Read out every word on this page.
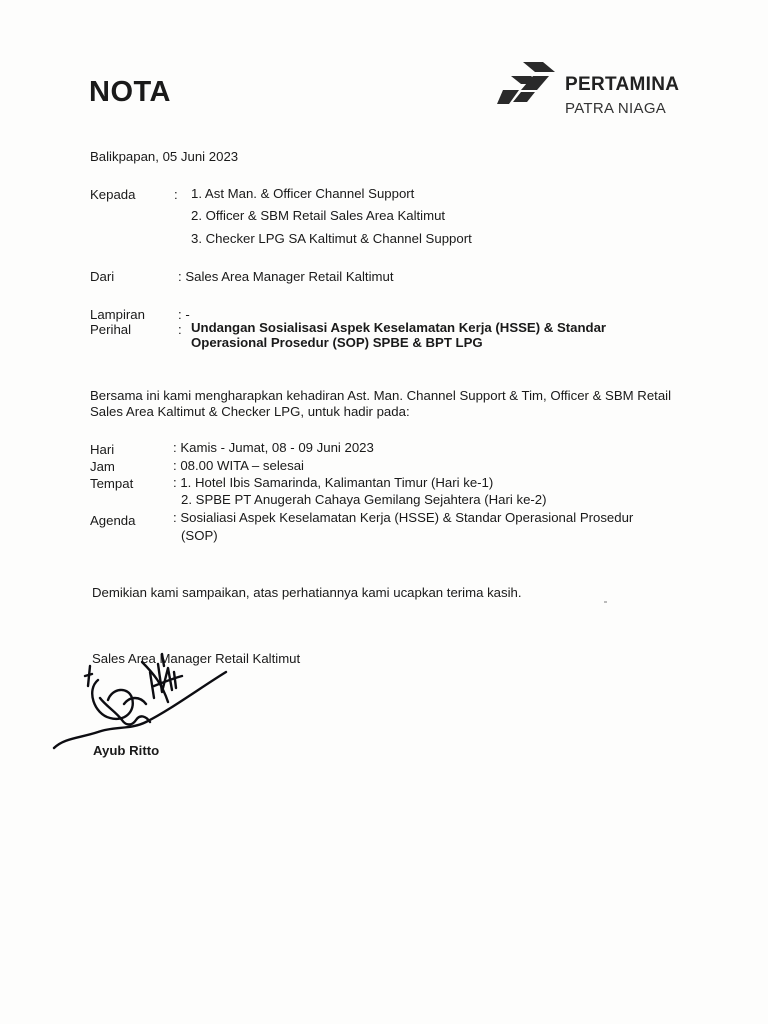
NOTA	PERTAMINA
PATRA NIAGA
Balikpapan, 05 Juni 2023
Kepada	: 1. Ast Man. & Officer Channel Support
2. Officer & SBM Retail Sales Area Kaltimut
3. Checker LPG SA Kaltimut & Channel Support
Dari	: Sales Area Manager Retail Kaltimut
Lampiran	: -
Perihal	: Undangan Sosialisasi Aspek Keselamatan Kerja (HSSE) & Standar
Operasional Prosedur (SOP) SPBE & BPT LPG
Bersama ini kami mengharapkan kehadiran Ast. Man. Channel Support & Tim, Officer & SBM Retail
Sales Area Kaltimut & Checker LPG, untuk hadir pada:
Hari	: Kamis - Jumat, 08 - 09 Juni 2023
Jam	: 08.00 WITA – selesai
Tempat	: 1. Hotel Ibis Samarinda, Kalimantan Timur (Hari ke-1)
2. SPBE PT Anugerah Cahaya Gemilang Sejahtera (Hari ke-2)
Agenda	: Sosialiasi Aspek Keselamatan Kerja (HSSE) & Standar Operasional Prosedur
(SOP)
Demikian kami sampaikan, atas perhatiannya kami ucapkan terima kasih.
Sales Area Manager Retail Kaltimut
Ayub Ritto
